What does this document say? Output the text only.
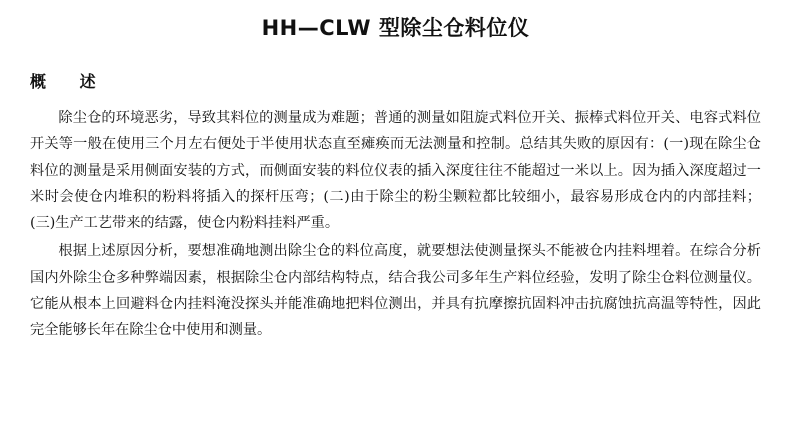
HH—CLW 型除尘仓料位仪
概 述

除尘仓的环境恶劣，导致其料位的测量成为难题；普通的测量如阻旋式料位开关、振棒式料位开关、电容式料位开关等一般在使用三个月左右便处于半使用状态直至瘫痪而无法测量和控制。总结其失败的原因有：(一)现在除尘仓料位的测量是采用侧面安装的方式，而侧面安装的料位仪表的插入深度往往不能超过一米以上。因为插入深度超过一米时会使仓内堆积的粉料将插入的探杆压弯；(二)由于除尘的粉尘颗粒都比较细小，最容易形成仓内的内部挂料；(三)生产工艺带来的结露，使仓内粉料挂料严重。

根据上述原因分析，要想准确地测出除尘仓的料位高度，就要想法使测量探头不能被仓内挂料埋着。在综合分析国内外除尘仓多种弊端因素，根据除尘仓内部结构特点，结合我公司多年生产料位经验，发明了除尘仓料位测量仪。它能从根本上回避料仓内挂料淹没探头并能准确地把料位测出，并具有抗摩擦抗固料冲击抗腐蚀抗高温等特性，因此完全能够长年在除尘仓中使用和测量。
